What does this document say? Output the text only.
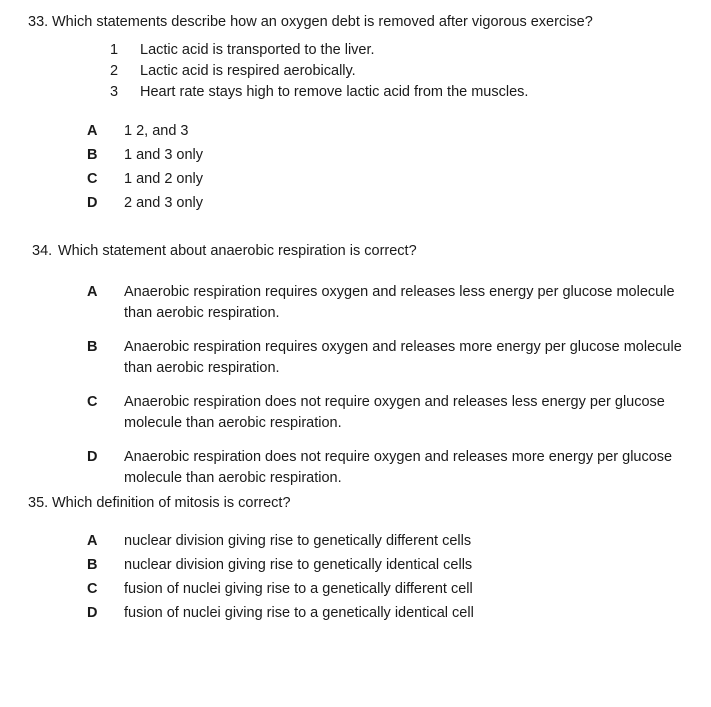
33. Which statements describe how an oxygen debt is removed after vigorous exercise?
1 Lactic acid is transported to the liver.
2 Lactic acid is respired aerobically.
3 Heart rate stays high to remove lactic acid from the muscles.
A 1 2, and 3
B 1 and 3 only
C 1 and 2 only
D 2 and 3 only
34. Which statement about anaerobic respiration is correct?
A Anaerobic respiration requires oxygen and releases less energy per glucose molecule
than aerobic respiration.
B Anaerobic respiration requires oxygen and releases more energy per glucose molecule
than aerobic respiration.
C Anaerobic respiration does not require oxygen and releases less energy per glucose
molecule than aerobic respiration.
D Anaerobic respiration does not require oxygen and releases more energy per glucose
molecule than aerobic respiration.
35. Which definition of mitosis is correct?
A nuclear division giving rise to genetically different cells
B nuclear division giving rise to genetically identical cells
C fusion of nuclei giving rise to a genetically different cell
D fusion of nuclei giving rise to a genetically identical cell
